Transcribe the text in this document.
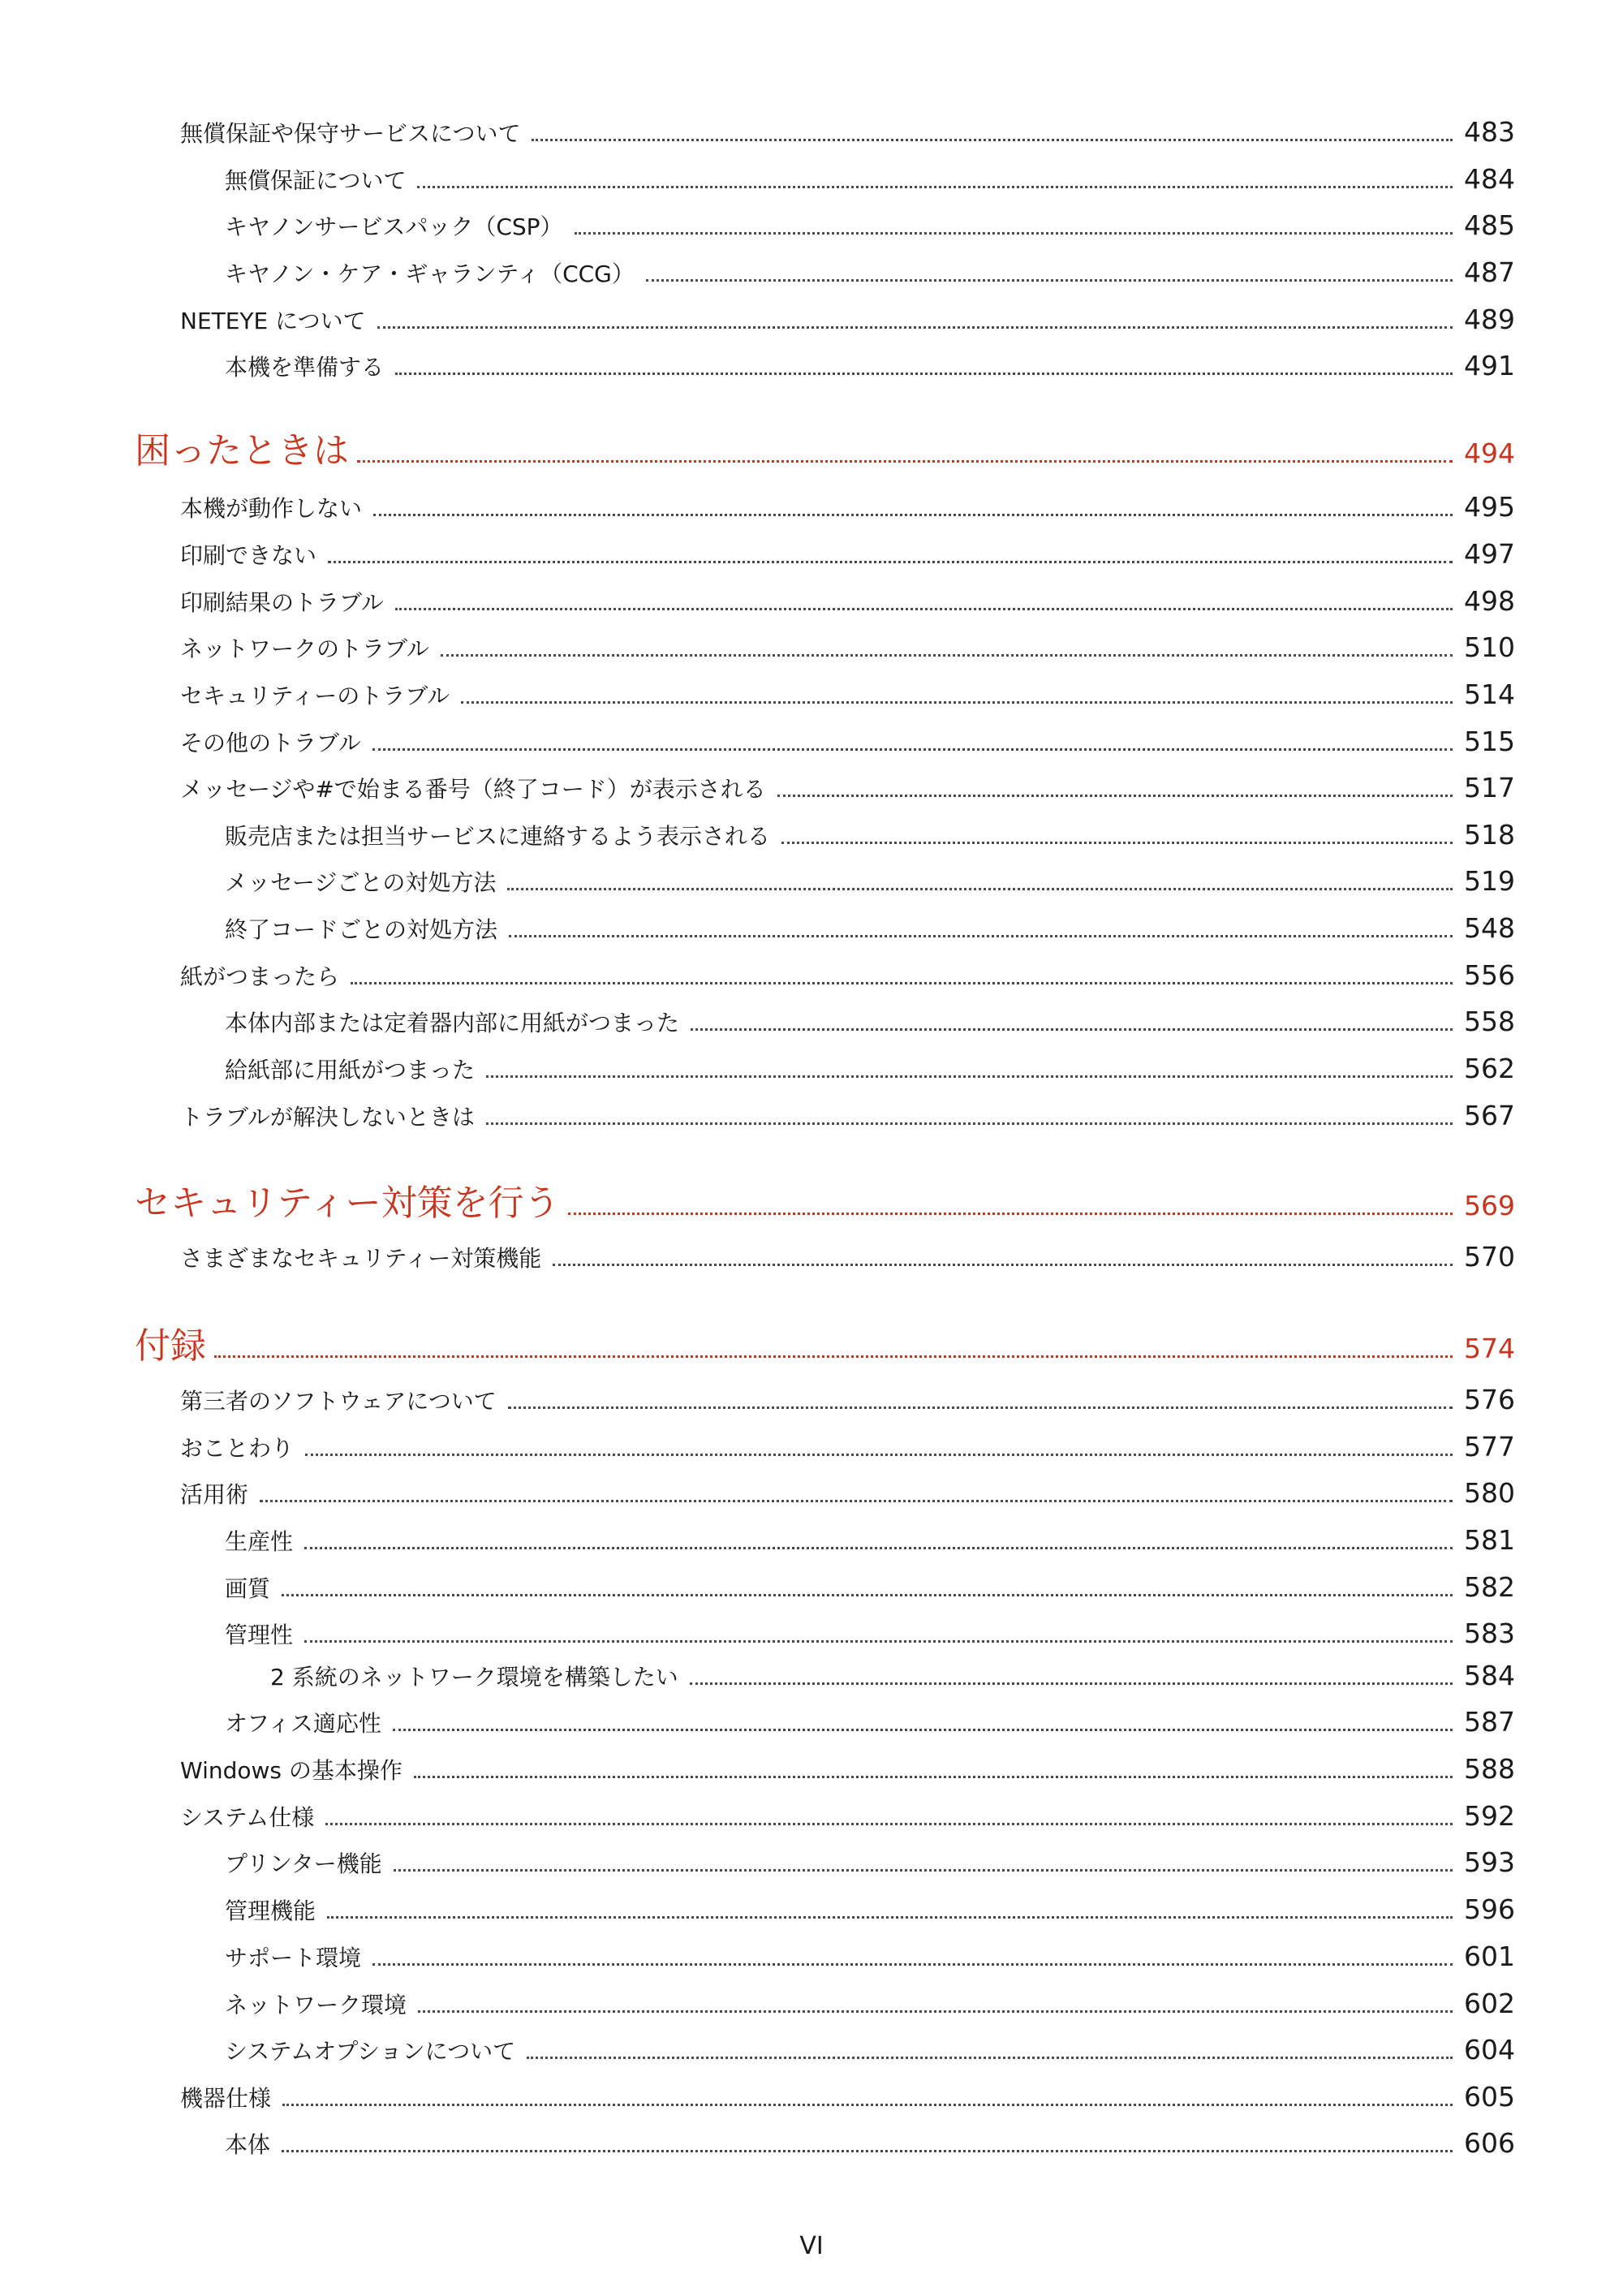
無償保証や保守サービスについて	483
無償保証について	484
キヤノンサービスパック（CSP）	485
キヤノン・ケア・ギャランティ（CCG）	487
NETEYE について	489
本機を準備する	491
困ったときは	494
本機が動作しない	495
印刷できない	497
印刷結果のトラブル	498
ネットワークのトラブル	510
セキュリティーのトラブル	514
その他のトラブル	515
メッセージや#で始まる番号（終了コード）が表示される	517
販売店または担当サービスに連絡するよう表示される	518
メッセージごとの対処方法	519
終了コードごとの対処方法	548
紙がつまったら	556
本体内部または定着器内部に用紙がつまった	558
給紙部に用紙がつまった	562
トラブルが解決しないときは	567
セキュリティー対策を行う	569
さまざまなセキュリティー対策機能	570
付録	574
第三者のソフトウェアについて	576
おことわり	577
活用術	580
生産性	581
画質	582
管理性	583
2 系統のネットワーク環境を構築したい	584
オフィス適応性	587
Windows の基本操作	588
システム仕様	592
プリンター機能	593
管理機能	596
サポート環境	601
ネットワーク環境	602
システムオプションについて	604
機器仕様	605
本体	606
VI
